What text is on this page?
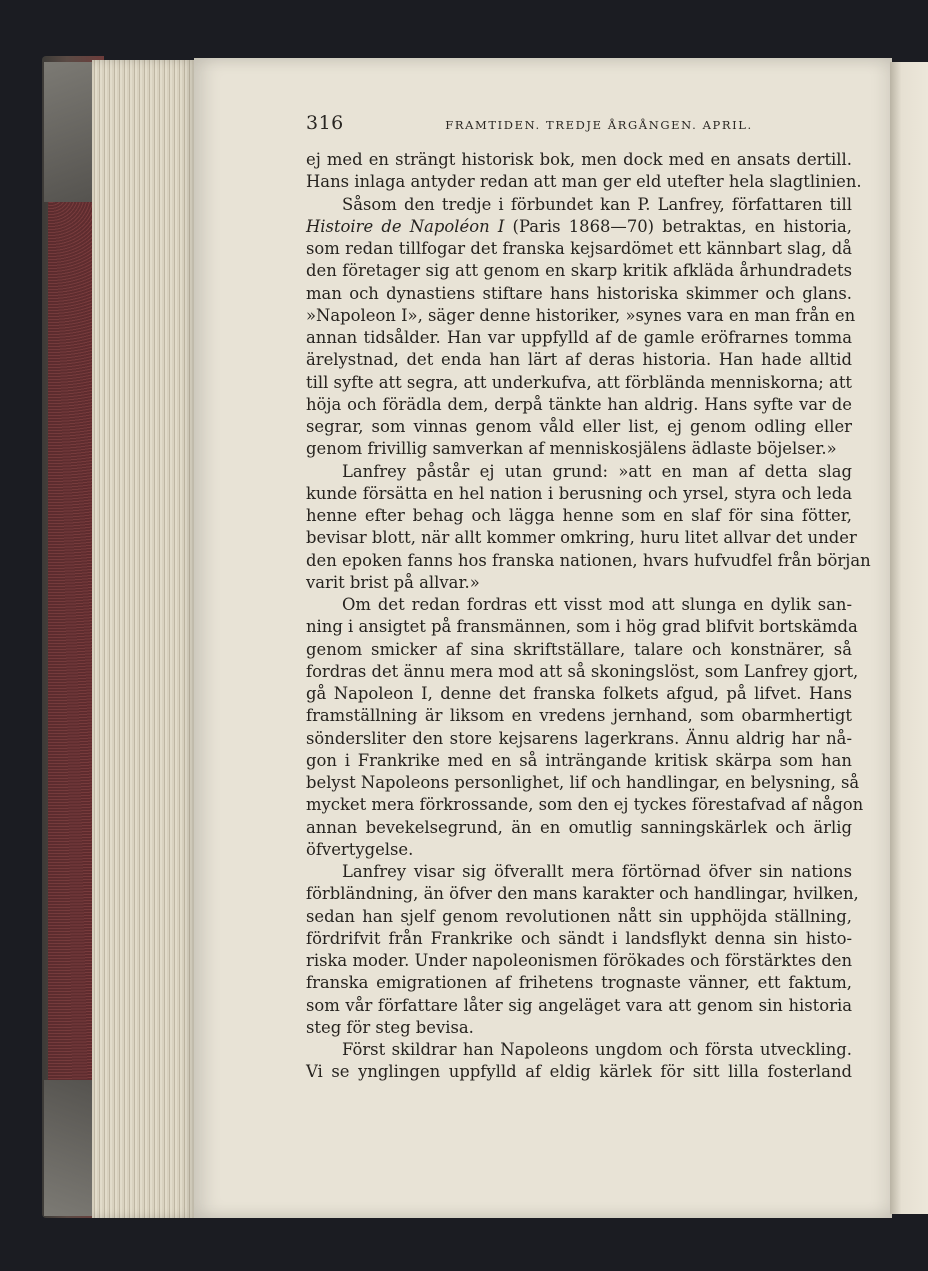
316	FRAMTIDEN. TREDJE ÅRGÅNGEN. APRIL.
ej med en strängt historisk bok, men dock med en ansats dertill.
Hans inlaga antyder redan att man ger eld utefter hela slagtlinien.
Såsom den tredje i förbundet kan P. Lanfrey, författaren till
Histoire de Napoléon I (Paris 1868—70) betraktas, en historia,
som redan tillfogar det franska kejsardömet ett kännbart slag, då
den företager sig att genom en skarp kritik afkläda århundradets
man och dynastiens stiftare hans historiska skimmer och glans.
»Napoleon I», säger denne historiker, »synes vara en man från en
annan tidsålder. Han var uppfylld af de gamle eröfrarnes tomma
ärelystnad, det enda han lärt af deras historia. Han hade alltid
till syfte att segra, att underkufva, att förblända menniskorna; att
höja och förädla dem, derpå tänkte han aldrig. Hans syfte var de
segrar, som vinnas genom våld eller list, ej genom odling eller
genom frivillig samverkan af menniskosjälens ädlaste böjelser.»
Lanfrey påstår ej utan grund: »att en man af detta slag
kunde försätta en hel nation i berusning och yrsel, styra och leda
henne efter behag och lägga henne som en slaf för sina fötter,
bevisar blott, när allt kommer omkring, huru litet allvar det under
den epoken fanns hos franska nationen, hvars hufvudfel från början
varit brist på allvar.»
Om det redan fordras ett visst mod att slunga en dylik san-
ning i ansigtet på fransmännen, som i hög grad blifvit bortskämda
genom smicker af sina skriftställare, talare och konstnärer, så
fordras det ännu mera mod att så skoningslöst, som Lanfrey gjort,
gå Napoleon I, denne det franska folkets afgud, på lifvet. Hans
framställning är liksom en vredens jernhand, som obarmhertigt
söndersliter den store kejsarens lagerkrans. Ännu aldrig har nå-
gon i Frankrike med en så inträngande kritisk skärpa som han
belyst Napoleons personlighet, lif och handlingar, en belysning, så
mycket mera förkrossande, som den ej tyckes förestafvad af någon
annan bevekelsegrund, än en omutlig sanningskärlek och ärlig
öfvertygelse.
Lanfrey visar sig öfverallt mera förtörnad öfver sin nations
förbländning, än öfver den mans karakter och handlingar, hvilken,
sedan han sjelf genom revolutionen nått sin upphöjda ställning,
fördrifvit från Frankrike och sändt i landsflykt denna sin histo-
riska moder. Under napoleonismen förökades och förstärktes den
franska emigrationen af frihetens trognaste vänner, ett faktum,
som vår författare låter sig angeläget vara att genom sin historia
steg för steg bevisa.
Först skildrar han Napoleons ungdom och första utveckling.
Vi se ynglingen uppfylld af eldig kärlek för sitt lilla fosterland
